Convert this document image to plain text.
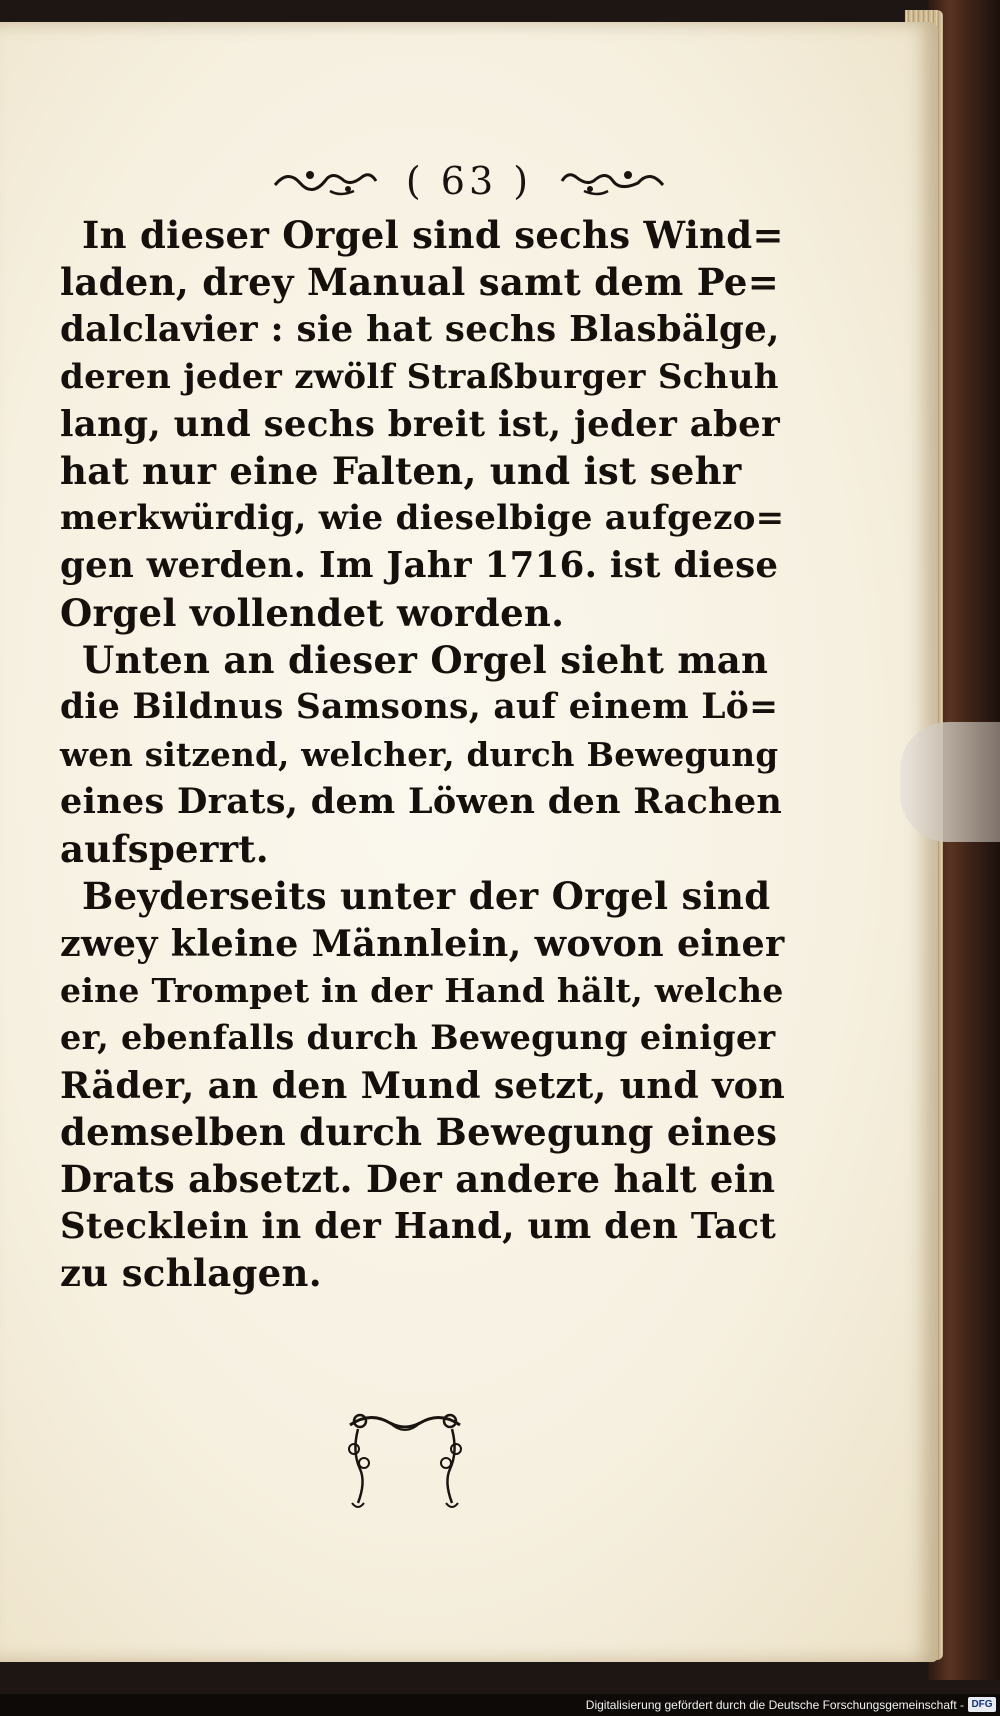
( 63 )

In dieser Orgel sind sechs Wind=
laden, drey Manual samt dem Pe=
dalclavier : sie hat sechs Blasbälge,
deren jeder zwölf Straßburger Schuh
lang, und sechs breit ist, jeder aber
hat nur eine Falten, und ist sehr
merkwürdig, wie dieselbige aufgezo=
gen werden. Im Jahr 1716. ist diese
Orgel vollendet worden.

Unten an dieser Orgel sieht man
die Bildnus Samsons, auf einem Lö=
wen sitzend, welcher, durch Bewegung
eines Drats, dem Löwen den Rachen
aufsperrt.

Beyderseits unter der Orgel sind
zwey kleine Männlein, wovon einer
eine Trompet in der Hand hält, welche
er, ebenfalls durch Bewegung einiger
Räder, an den Mund setzt, und von
demselben durch Bewegung eines
Drats absetzt. Der andere halt ein
Stecklein in der Hand, um den Tact
zu schlagen.

Digitalisierung gefördert durch die Deutsche Forschungsgemeinschaft - DFG
